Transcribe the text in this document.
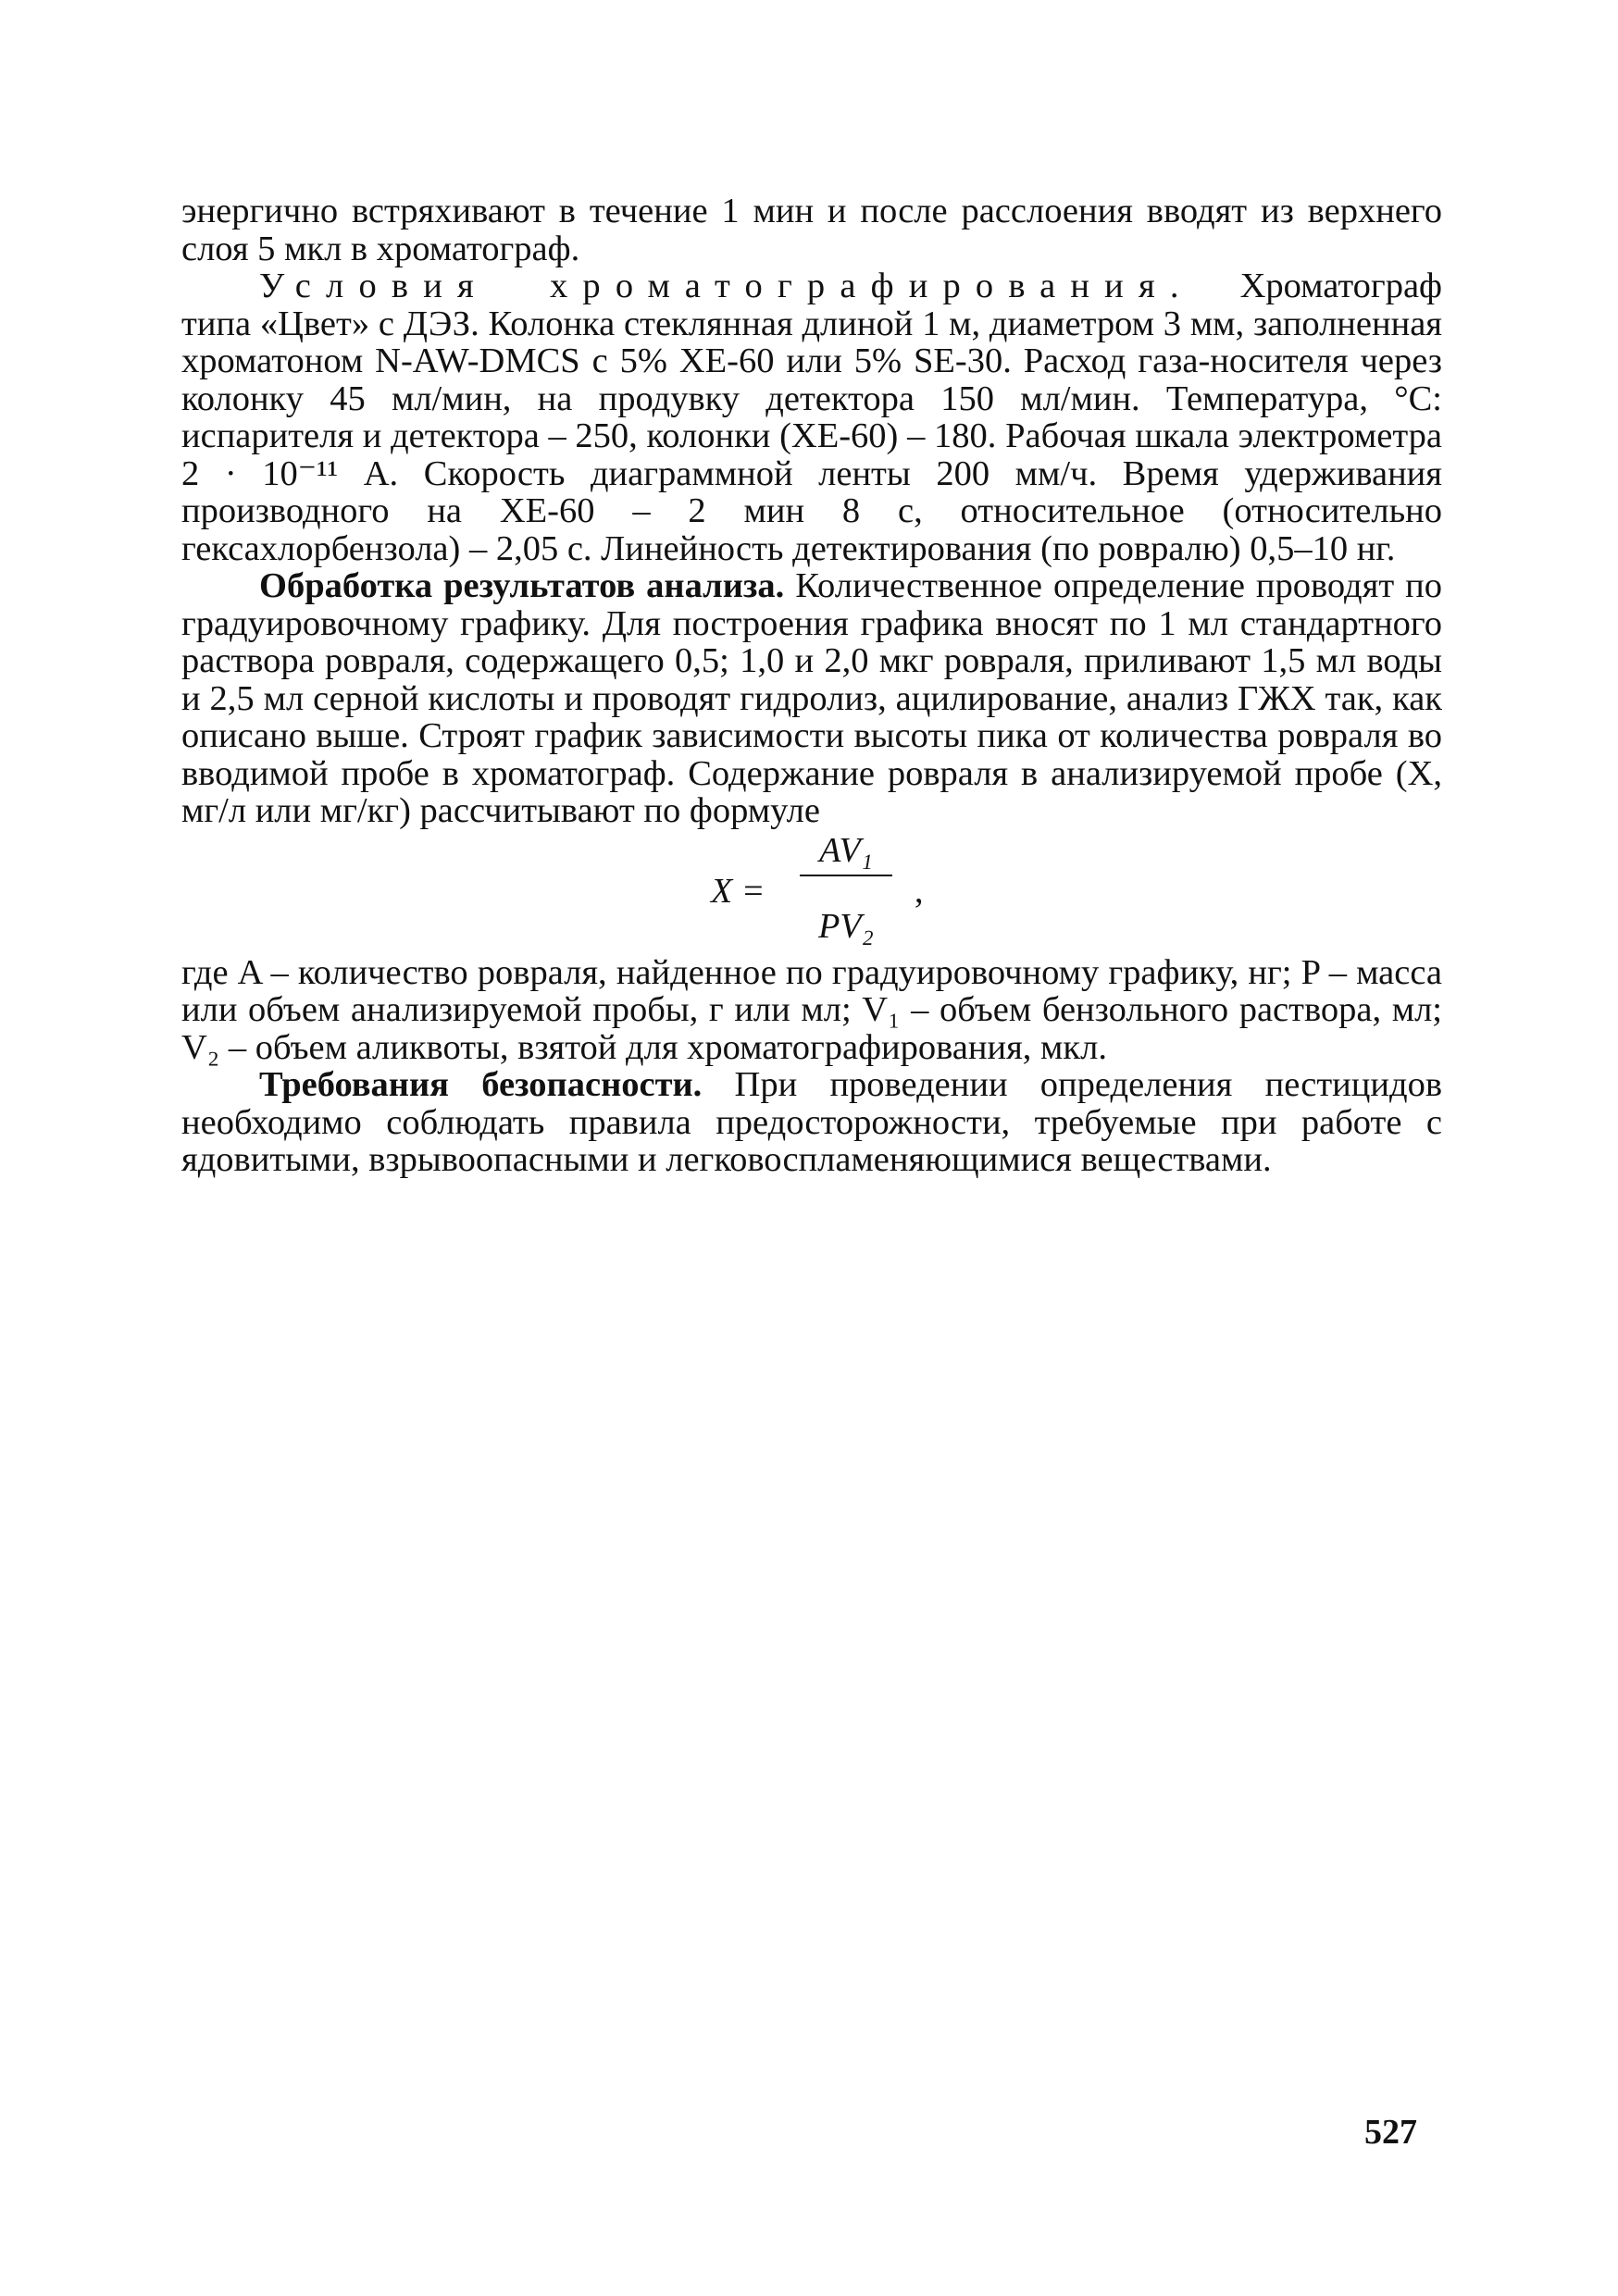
энергично встряхивают в течение 1 мин и после расслоения вводят из верхнего слоя 5 мкл в хроматограф.

Условия хроматографирования. Хроматограф типа «Цвет» с ДЭЗ. Колонка стеклянная длиной 1 м, диаметром 3 мм, заполненная хроматоном N-AW-DMCS с 5% XE-60 или 5% SE-30. Расход газа-носителя через колонку 45 мл/мин, на продувку детектора 150 мл/мин. Температура, °С: испарителя и детектора – 250, колонки (XE-60) – 180. Рабочая шкала электрометра 2 · 10⁻¹¹ А. Скорость диаграммной ленты 200 мм/ч. Время удерживания производного на XE-60 – 2 мин 8 с, относительное (относительно гексахлорбензола) – 2,05 с. Линейность детектирования (по ровралю) 0,5–10 нг.

Обработка результатов анализа. Количественное определение проводят по градуировочному графику. Для построения графика вносят по 1 мл стандартного раствора ровраля, содержащего 0,5; 1,0 и 2,0 мкг ровраля, приливают 1,5 мл воды и 2,5 мл серной кислоты и проводят гидролиз, ацилирование, анализ ГЖХ так, как описано выше. Строят график зависимости высоты пика от количества ровраля во вводимой пробе в хроматограф. Содержание ровраля в анализируемой пробе (X, мг/л или мг/кг) рассчитывают по формуле

X =
AV₁
PV₂
,

где A – количество ровраля, найденное по градуировочному графику, нг; P – масса или объем анализируемой пробы, г или мл; V₁ – объем бензольного раствора, мл; V₂ – объем аликвоты, взятой для хроматографирования, мкл.

Требования безопасности. При проведении определения пестицидов необходимо соблюдать правила предосторожности, требуемые при работе с ядовитыми, взрывоопасными и легковоспламеняющимися веществами.

527
